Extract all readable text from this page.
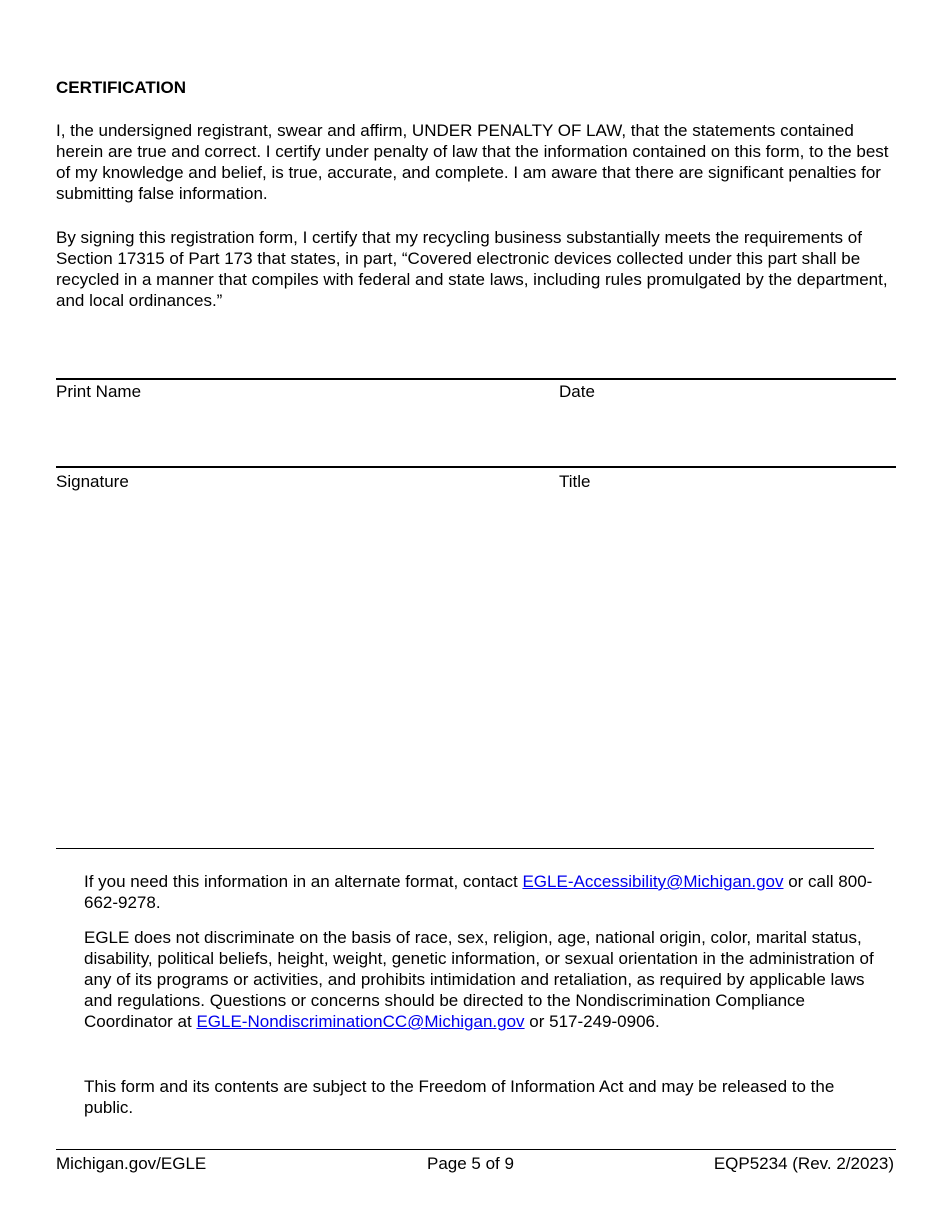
CERTIFICATION
I, the undersigned registrant, swear and affirm, UNDER PENALTY OF LAW, that the statements contained herein are true and correct. I certify under penalty of law that the information contained on this form, to the best of my knowledge and belief, is true, accurate, and complete. I am aware that there are significant penalties for submitting false information.
By signing this registration form, I certify that my recycling business substantially meets the requirements of Section 17315 of Part 173 that states, in part, “Covered electronic devices collected under this part shall be recycled in a manner that compiles with federal and state laws, including rules promulgated by the department, and local ordinances.”
Print Name	Date
Signature	Title
If you need this information in an alternate format, contact EGLE-Accessibility@Michigan.gov or call 800-662-9278.
EGLE does not discriminate on the basis of race, sex, religion, age, national origin, color, marital status, disability, political beliefs, height, weight, genetic information, or sexual orientation in the administration of any of its programs or activities, and prohibits intimidation and retaliation, as required by applicable laws and regulations. Questions or concerns should be directed to the Nondiscrimination Compliance Coordinator at EGLE-NondiscriminationCC@Michigan.gov or 517-249-0906.
This form and its contents are subject to the Freedom of Information Act and may be released to the public.
Michigan.gov/EGLE	Page 5 of 9	EQP5234 (Rev. 2/2023)
